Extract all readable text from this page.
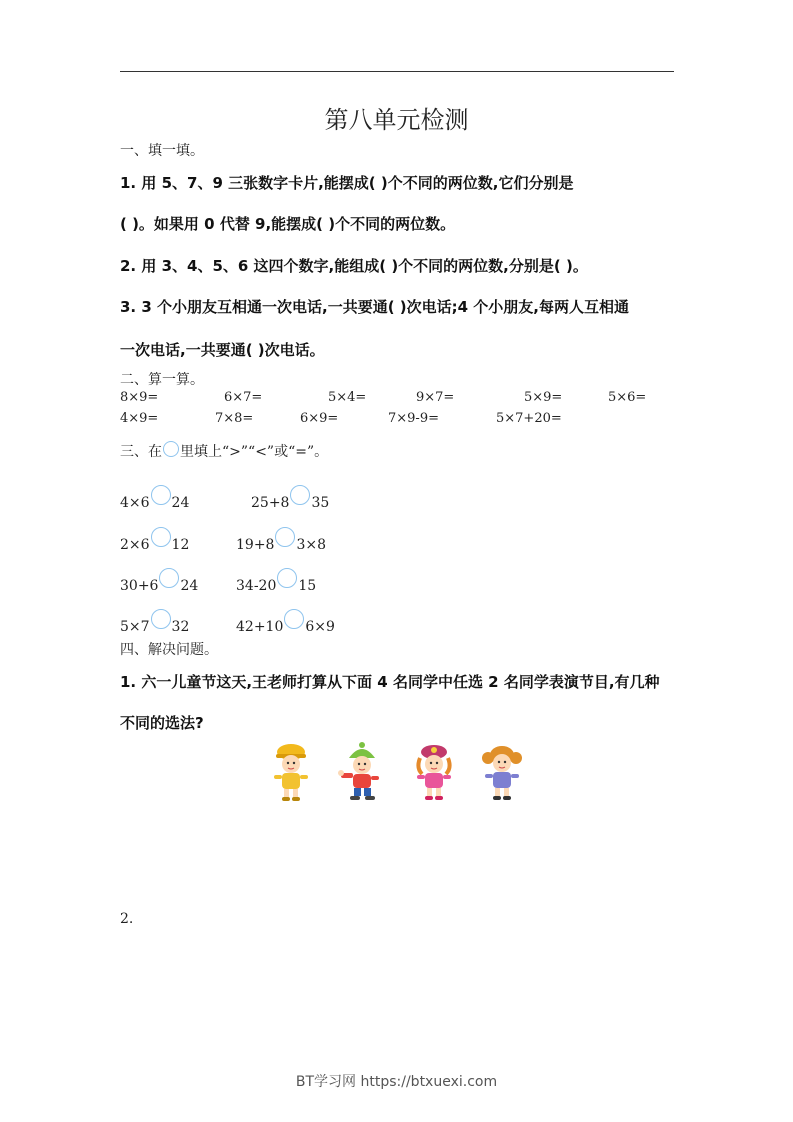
第八单元检测
一、填一填。
1. 用 5、7、9 三张数字卡片,能摆成( )个不同的两位数,它们分别是
( )。如果用 0 代替 9,能摆成( )个不同的两位数。
2. 用 3、4、5、6 这四个数字,能组成( )个不同的两位数,分别是( )。
3. 3 个小朋友互相通一次电话,一共要通( )次电话;4 个小朋友,每两人互相通
一次电话,一共要通( )次电话。
二、算一算。
8×9=	6×7=	5×4=	9×7=	5×9=	5×6=
4×9=	7×8=	6×9=	7×9-9=	5×7+20=
三、在 里填上“>”“<”或“=”。
4×6 24	25+8 35
2×6 12	19+8 3×8
30+6 24	34-20 15
5×7 32	42+10 6×9
四、解决问题。
1. 六一儿童节这天,王老师打算从下面 4 名同学中任选 2 名同学表演节目,有几种
不同的选法?
2.
BT学习网 https://btxuexi.com
